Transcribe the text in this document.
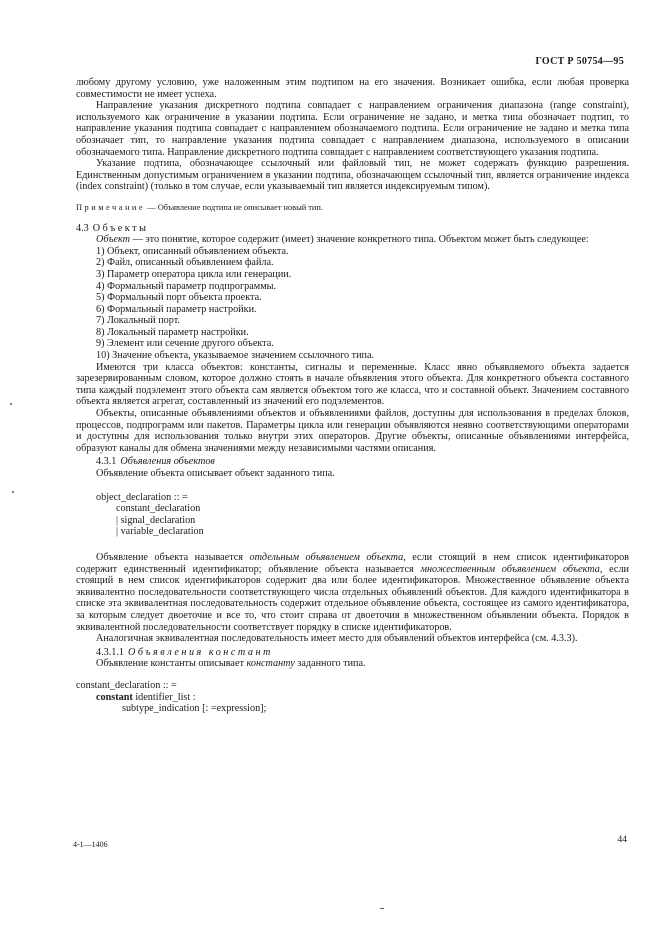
ГОСТ Р 50754—95

любому другому условию, уже наложенным этим подтипом на его значения. Возникает ошибка, если любая проверка совместимости не имеет успеха.

Направление указания дискретного подтипа совпадает с направлением ограничения диапазона (range constraint), используемого как ограничение в указании подтипа. Если ограничение не задано, и метка типа обозначает подтип, то направление указания подтипа совпадает с направлением обозначаемого подтипа. Если ограничение не задано и метка типа обозначает тип, то направление указания подтипа совпадает с направлением диапазона, используемого в описании обозначаемого типа. Направление дискретного подтипа совпадает с направлением соответствующего указания подтипа.

Указание подтипа, обозначающее ссылочный или файловый тип, не может содержать функцию разрешения. Единственным допустимым ограничением в указании подтипа, обозначающем ссылочный тип, является ограничение индекса (index constraint) (только в том случае, если указываемый тип является индексируемым типом).

Примечание — Объявление подтипа не описывает новый тип.

4.3 Объекты

Объект — это понятие, которое содержит (имеет) значение конкретного типа. Объектом может быть следующее:

1) Объект, описанный объявлением объекта.
2) Файл, описанный объявлением файла.
3) Параметр оператора цикла или генерации.
4) Формальный параметр подпрограммы.
5) Формальный порт объекта проекта.
6) Формальный параметр настройки.
7) Локальный порт.
8) Локальный параметр настройки.
9) Элемент или сечение другого объекта.
10) Значение объекта, указываемое значением ссылочного типа.

Имеются три класса объектов: константы, сигналы и переменные. Класс явно объявляемого объекта задается зарезервированным словом, которое должно стоять в начале объявления этого объекта. Для конкретного объекта составного типа каждый подэлемент этого объекта сам является объектом того же класса, что и составной объект. Значением составного объекта является агрегат, составленный из значений его подэлементов.

Объекты, описанные объявлениями объектов и объявлениями файлов, доступны для использования в пределах блоков, процессов, подпрограмм или пакетов. Параметры цикла или генерации объявляются неявно соответствующими операторами и доступны для использования только внутри этих операторов. Другие объекты, описанные объявлениями интерфейса, образуют каналы для обмена значениями между независимыми частями описания.

4.3.1 Объявления объектов

Объявление объекта описывает объект заданного типа.

object_declaration :: =
constant_declaration
| signal_declaration
| variable_declaration

Объявление объекта называется отдельным объявлением объекта, если стоящий в нем список идентификаторов содержит единственный идентификатор; объявление объекта называется множественным объявлением объекта, если стоящий в нем список идентификаторов содержит два или более идентификаторов. Множественное объявление объекта эквивалентно последовательности соответствующего числа отдельных объявлений объектов. Для каждого идентификатора в списке эта эквивалентная последовательность содержит отдельное объявление объекта, состоящее из самого идентификатора, за которым следует двоеточие и все то, что стоит справа от двоеточия в множественном объявлении объекта. Порядок в эквивалентной последовательности соответствует порядку в списке идентификаторов.

Аналогичная эквивалентная последовательность имеет место для объявлений объектов интерфейса (см. 4.3.3).

4.3.1.1 Объявления констант

Объявление константы описывает константу заданного типа.

constant_declaration :: =
constant identifier_list :
subtype_indication [: =expression];
4-1—1406	44
